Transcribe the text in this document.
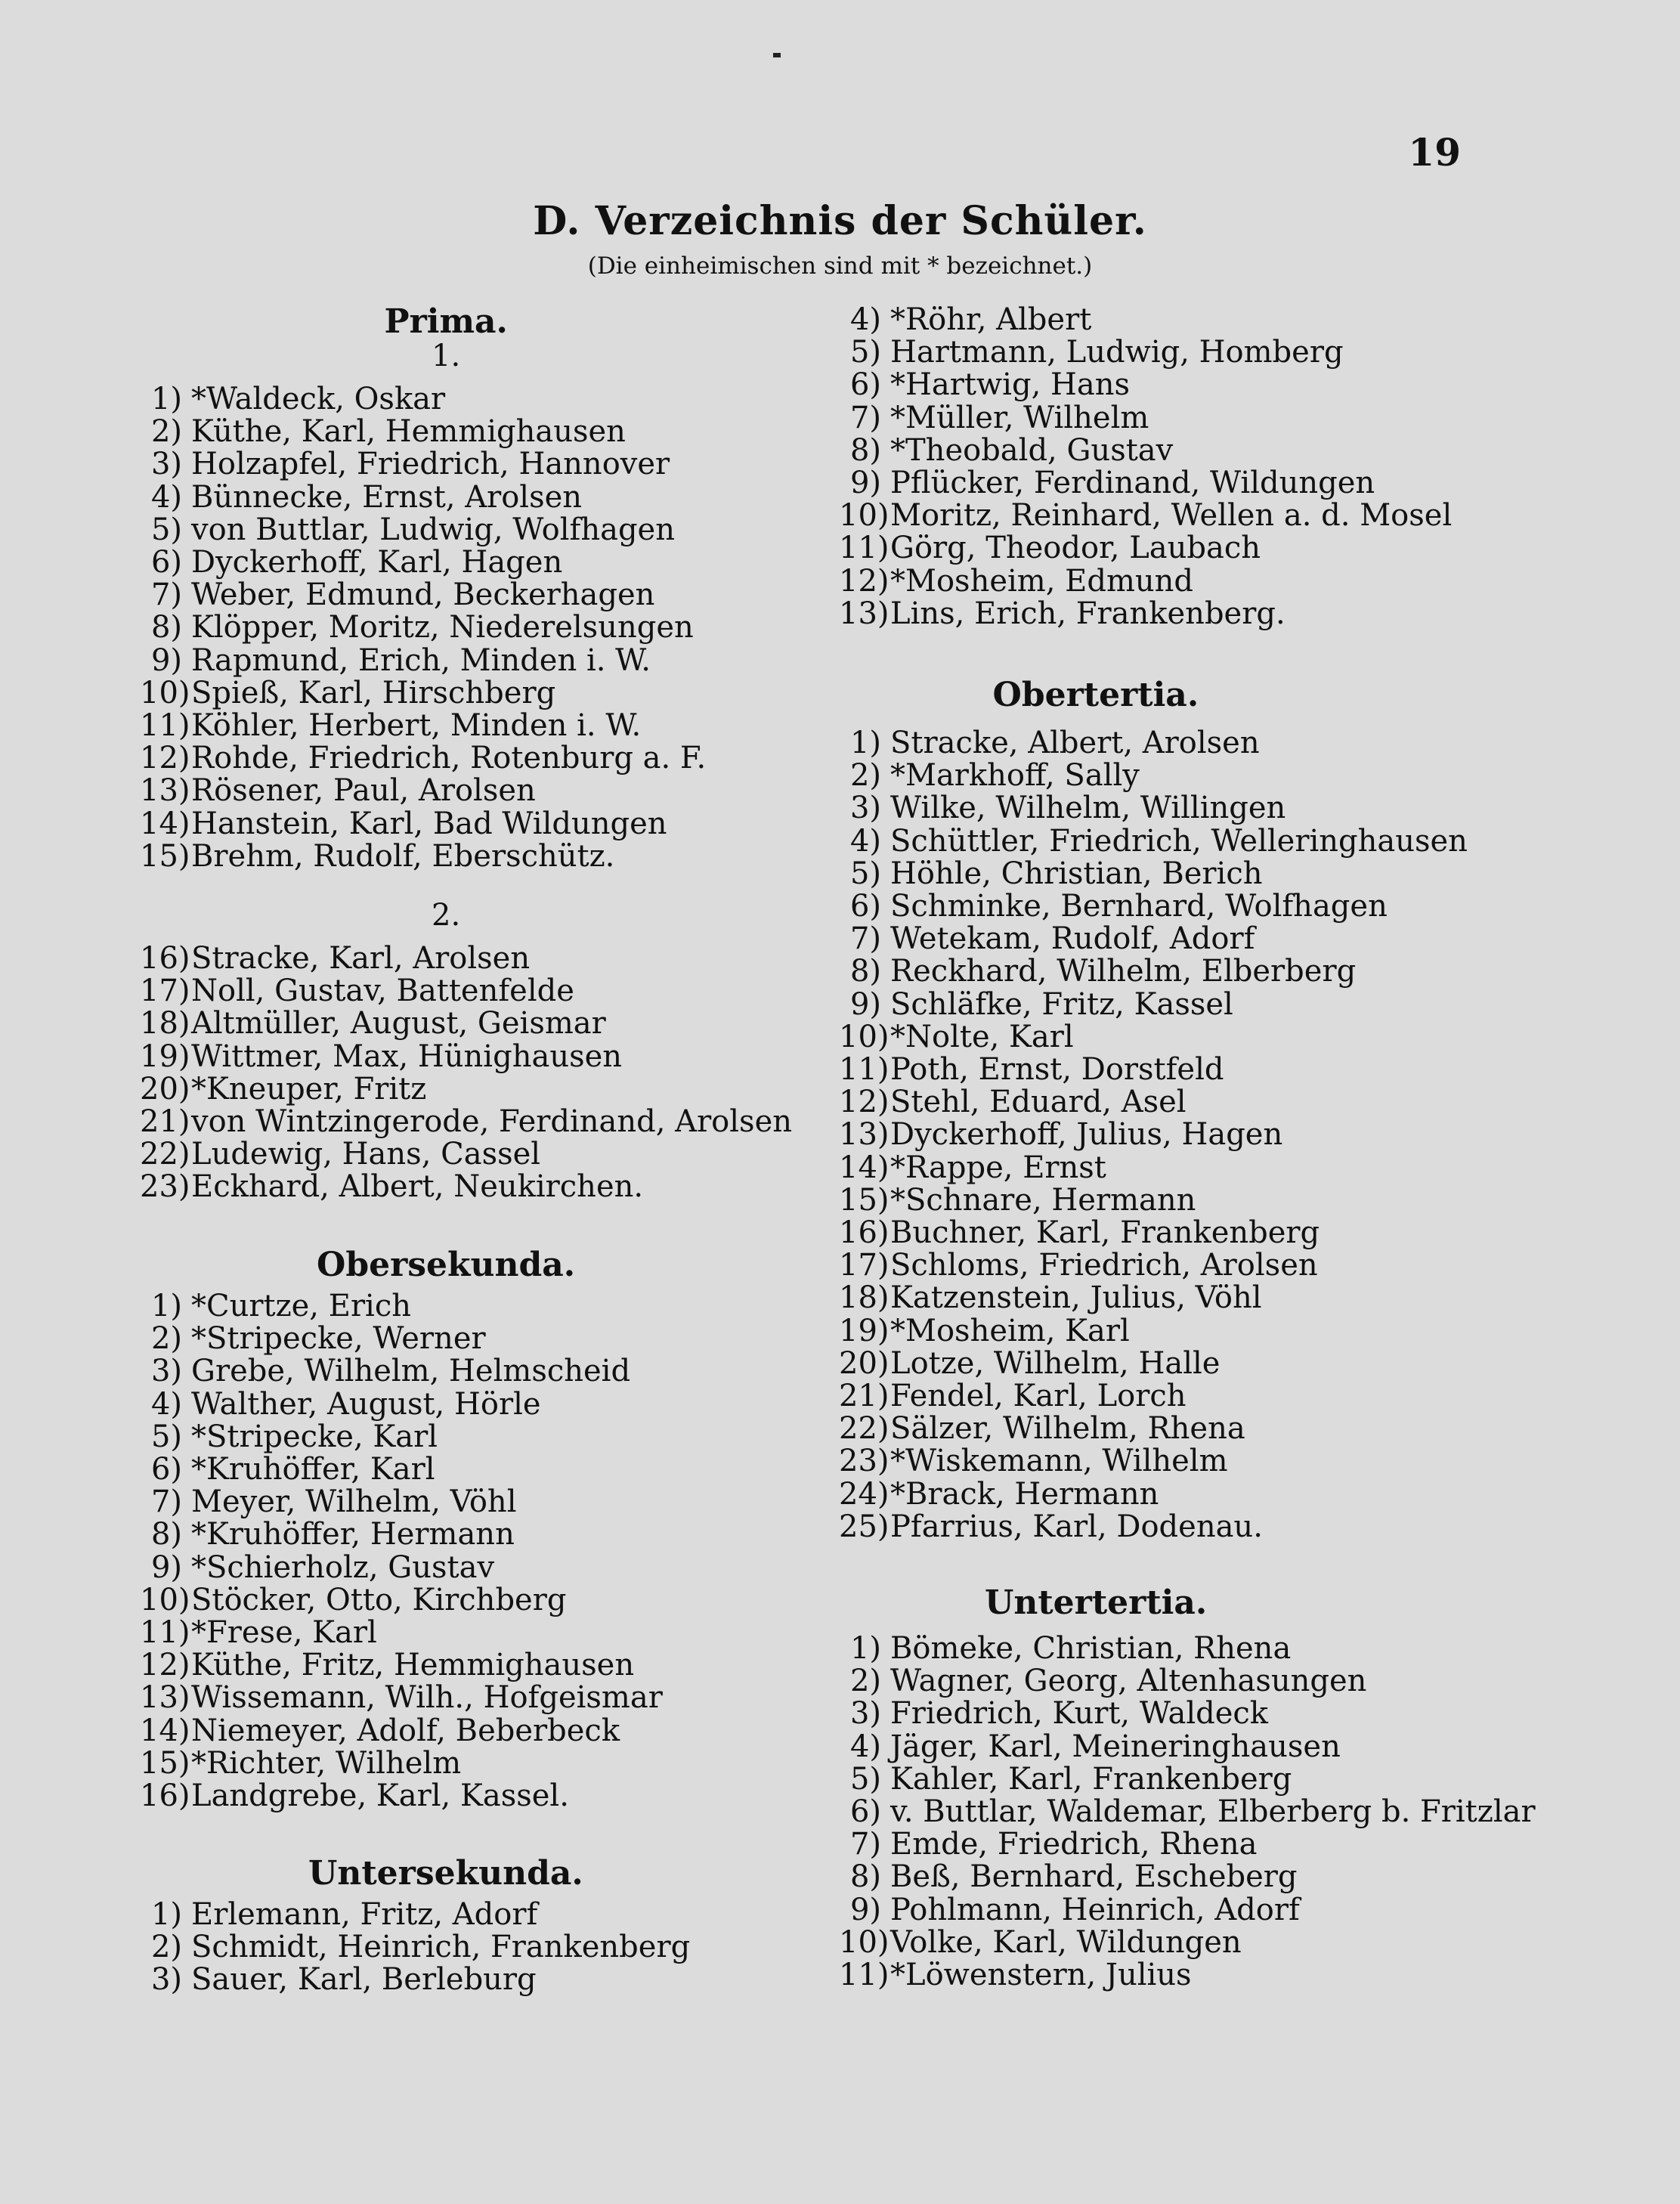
19
D. Verzeichnis der Schüler.
(Die einheimischen sind mit * bezeichnet.)
Prima.
1.
1) *Waldeck, Oskar
2) Küthe, Karl, Hemmighausen
3) Holzapfel, Friedrich, Hannover
4) Bünnecke, Ernst, Arolsen
5) von Buttlar, Ludwig, Wolfhagen
6) Dyckerhoff, Karl, Hagen
7) Weber, Edmund, Beckerhagen
8) Klöpper, Moritz, Niederelsungen
9) Rapmund, Erich, Minden i. W.
10)Spieß, Karl, Hirschberg
11)Köhler, Herbert, Minden i. W.
12)Rohde, Friedrich, Rotenburg a. F.
13)Rösener, Paul, Arolsen
14)Hanstein, Karl, Bad Wildungen
15)Brehm, Rudolf, Eberschütz.
2.
16)Stracke, Karl, Arolsen
17)Noll, Gustav, Battenfelde
18)Altmüller, August, Geismar
19)Wittmer, Max, Hünighausen
20)*Kneuper, Fritz
21)von Wintzingerode, Ferdinand, Arolsen
22)Ludewig, Hans, Cassel
23)Eckhard, Albert, Neukirchen.
Obersekunda.
1) *Curtze, Erich
2) *Stripecke, Werner
3) Grebe, Wilhelm, Helmscheid
4) Walther, August, Hörle
5) *Stripecke, Karl
6) *Kruhöffer, Karl
7) Meyer, Wilhelm, Vöhl
8) *Kruhöffer, Hermann
9) *Schierholz, Gustav
10)Stöcker, Otto, Kirchberg
11)*Frese, Karl
12)Küthe, Fritz, Hemmighausen
13)Wissemann, Wilh., Hofgeismar
14)Niemeyer, Adolf, Beberbeck
15)*Richter, Wilhelm
16)Landgrebe, Karl, Kassel.
Untersekunda.
1) Erlemann, Fritz, Adorf
2) Schmidt, Heinrich, Frankenberg
3) Sauer, Karl, Berleburg
4) *Röhr, Albert
5) Hartmann, Ludwig, Homberg
6) *Hartwig, Hans
7) *Müller, Wilhelm
8) *Theobald, Gustav
9) Pflücker, Ferdinand, Wildungen
10)Moritz, Reinhard, Wellen a. d. Mosel
11)Görg, Theodor, Laubach
12)*Mosheim, Edmund
13)Lins, Erich, Frankenberg.
Obertertia.
1) Stracke, Albert, Arolsen
2) *Markhoff, Sally
3) Wilke, Wilhelm, Willingen
4) Schüttler, Friedrich, Welleringhausen
5) Höhle, Christian, Berich
6) Schminke, Bernhard, Wolfhagen
7) Wetekam, Rudolf, Adorf
8) Reckhard, Wilhelm, Elberberg
9) Schläfke, Fritz, Kassel
10)*Nolte, Karl
11)Poth, Ernst, Dorstfeld
12)Stehl, Eduard, Asel
13)Dyckerhoff, Julius, Hagen
14)*Rappe, Ernst
15)*Schnare, Hermann
16)Buchner, Karl, Frankenberg
17)Schloms, Friedrich, Arolsen
18)Katzenstein, Julius, Vöhl
19)*Mosheim, Karl
20)Lotze, Wilhelm, Halle
21)Fendel, Karl, Lorch
22)Sälzer, Wilhelm, Rhena
23)*Wiskemann, Wilhelm
24)*Brack, Hermann
25)Pfarrius, Karl, Dodenau.
Untertertia.
1) Bömeke, Christian, Rhena
2) Wagner, Georg, Altenhasungen
3) Friedrich, Kurt, Waldeck
4) Jäger, Karl, Meineringhausen
5) Kahler, Karl, Frankenberg
6) v. Buttlar, Waldemar, Elberberg b. Fritzlar
7) Emde, Friedrich, Rhena
8) Beß, Bernhard, Escheberg
9) Pohlmann, Heinrich, Adorf
10)Volke, Karl, Wildungen
11)*Löwenstern, Julius
